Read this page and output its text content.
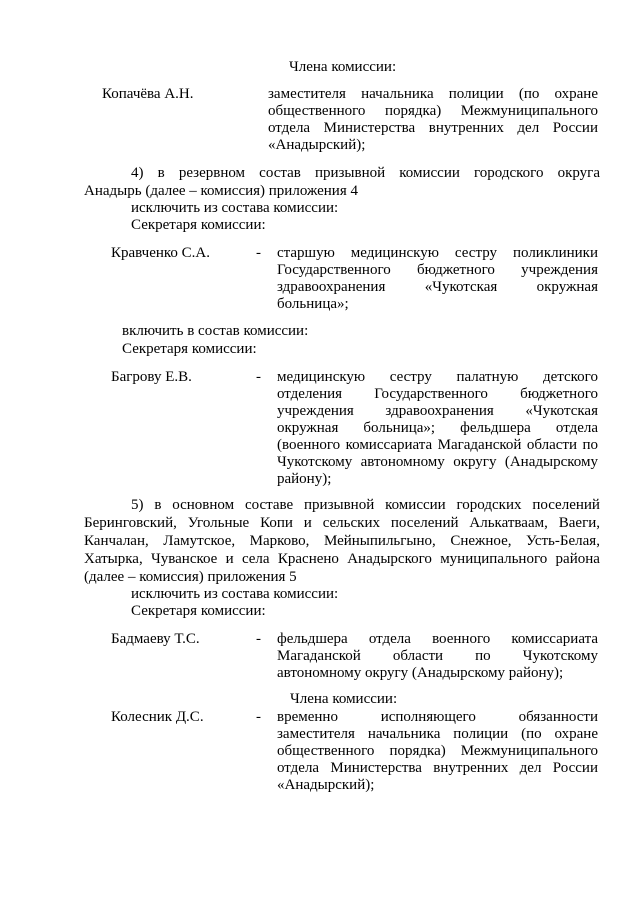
Члена комиссии:
Копачёва А.Н.	заместителя начальника полиции (по охране
общественного порядка) Межмуниципального
отдела Министерства внутренних дел России
«Анадырский);
4) в резервном состав призывной комиссии городского округа
Анадырь (далее – комиссия) приложения 4
исключить из состава комиссии:
Секретаря комиссии:
Кравченко С.А.	- старшую медицинскую сестру поликлиники
Государственного бюджетного учреждения
здравоохранения	«Чукотская	окружная
больница»;
включить в состав комиссии:
Секретаря комиссии:
Багрову Е.В.	- медицинскую сестру палатную детского
отделения Государственного бюджетного
учреждения здравоохранения «Чукотская
окружная больница»; фельдшера отдела
(военного комиссариата Магаданской области по
Чукотскому автономному округу (Анадырскому
району);
5) в основном составе призывной комиссии городских поселений
Беринговский, Угольные Копи и сельских поселений Алькатваам, Ваеги,
Канчалан, Ламутское, Марково, Мейныпильгыно, Снежное, Усть-Белая,
Хатырка, Чуванское и села Краснено Анадырского муниципального района
(далее – комиссия) приложения 5
исключить из состава комиссии:
Секретаря комиссии:
Бадмаеву Т.С.	- фельдшера отдела военного комиссариата
Магаданской области по Чукотскому
автономному округу (Анадырскому району);
Члена комиссии:
Колесник Д.С.	- временно	исполняющего	обязанности
заместителя начальника полиции (по охране
общественного порядка) Межмуниципального
отдела Министерства внутренних дел России
«Анадырский);
